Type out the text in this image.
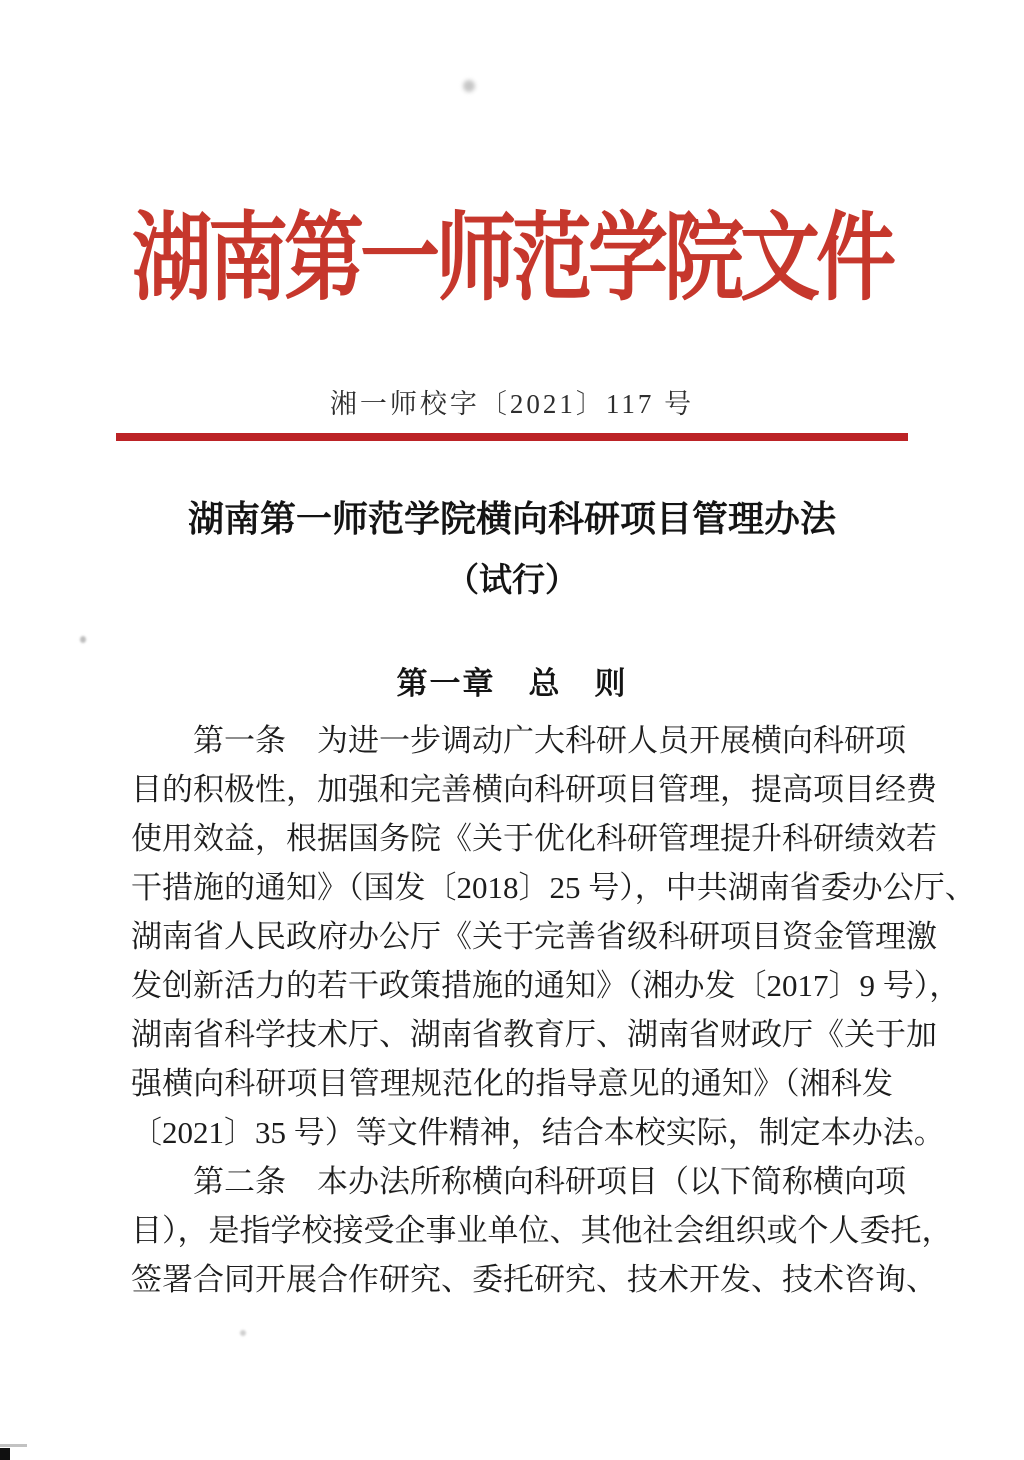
湖南第一师范学院文件
湘一师校字〔2021〕117 号
湖南第一师范学院横向科研项目管理办法
（试行）
第一章　总　则
　　第一条　为进一步调动广大科研人员开展横向科研项
目的积极性，加强和完善横向科研项目管理，提高项目经费
使用效益，根据国务院《关于优化科研管理提升科研绩效若
干措施的通知》（国发〔2018〕25 号），中共湖南省委办公厅、
湖南省人民政府办公厅《关于完善省级科研项目资金管理激
发创新活力的若干政策措施的通知》（湘办发〔2017〕9 号），
湖南省科学技术厅、湖南省教育厅、湖南省财政厅《关于加
强横向科研项目管理规范化的指导意见的通知》（湘科发
〔2021〕35 号）等文件精神，结合本校实际，制定本办法。
　　第二条　本办法所称横向科研项目（以下简称横向项
目），是指学校接受企事业单位、其他社会组织或个人委托，
签署合同开展合作研究、委托研究、技术开发、技术咨询、
